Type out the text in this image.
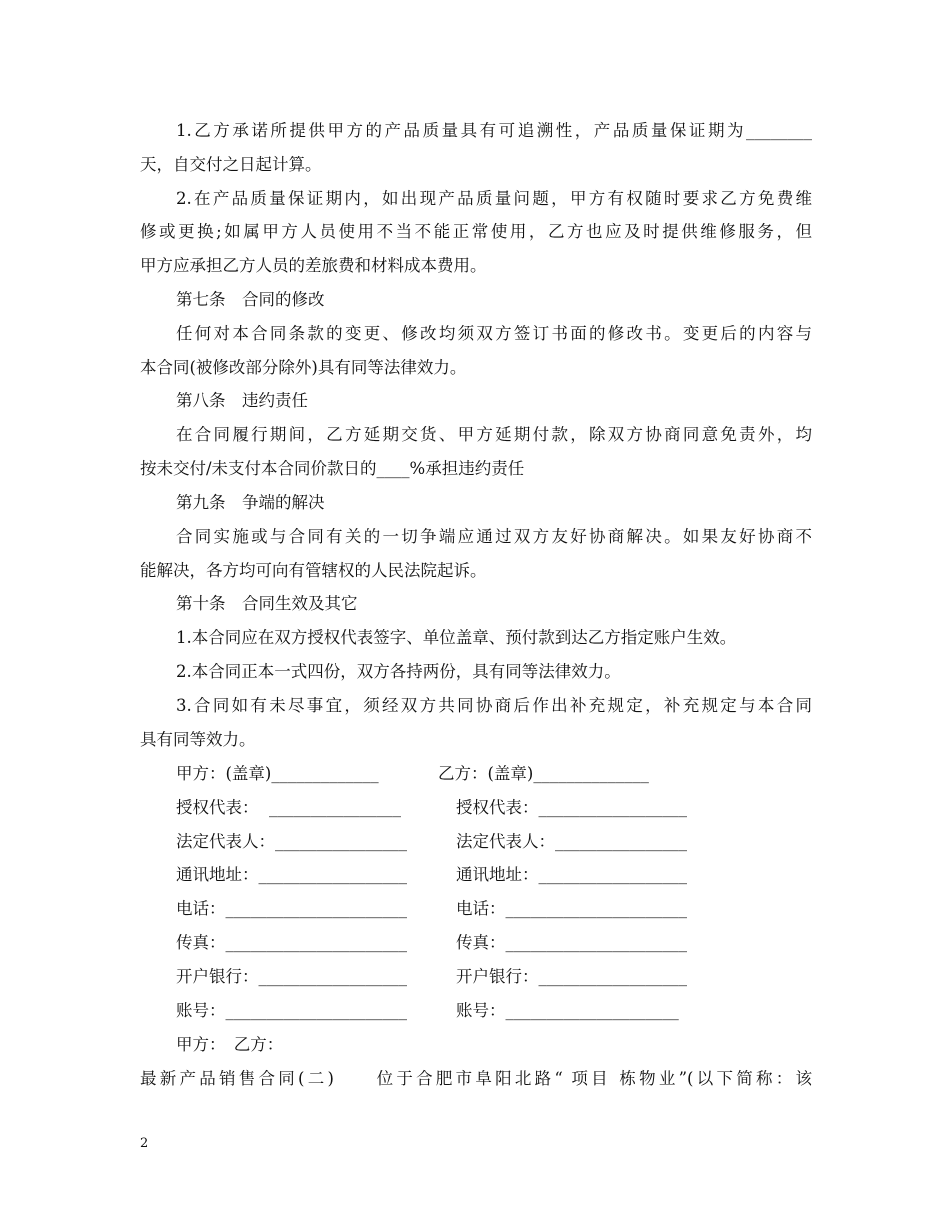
1.乙方承诺所提供甲方的产品质量具有可追溯性，产品质量保证期为________
天，自交付之日起计算。
2.在产品质量保证期内，如出现产品质量问题，甲方有权随时要求乙方免费维
修或更换;如属甲方人员使用不当不能正常使用，乙方也应及时提供维修服务，但
甲方应承担乙方人员的差旅费和材料成本费用。
第七条　合同的修改
任何对本合同条款的变更、修改均须双方签订书面的修改书。变更后的内容与
本合同(被修改部分除外)具有同等法律效力。
第八条　违约责任
在合同履行期间，乙方延期交货、甲方延期付款，除双方协商同意免责外，均
按未交付/未支付本合同价款日的____%承担违约责任
第九条　争端的解决
合同实施或与合同有关的一切争端应通过双方友好协商解决。如果友好协商不
能解决，各方均可向有管辖权的人民法院起诉。
第十条　合同生效及其它
1.本合同应在双方授权代表签字、单位盖章、预付款到达乙方指定账户生效。
2.本合同正本一式四份，双方各持两份，具有同等法律效力。
3.合同如有未尽事宜，须经双方共同协商后作出补充规定，补充规定与本合同
具有同等效力。
甲方：(盖章)_____________	乙方：(盖章)______________
授权代表：  ________________	授权代表：__________________
法定代表人：________________	法定代表人：________________
通讯地址：__________________	通讯地址：__________________
电话：______________________	电话：______________________
传真：______________________	传真：______________________
开户银行：__________________	开户银行：__________________
账号：______________________	账号：_____________________
甲方：　乙方：
最新产品销售合同(二)　　位于合肥市阜阳北路“ 项目 栋物业”(以下简称：该
2
